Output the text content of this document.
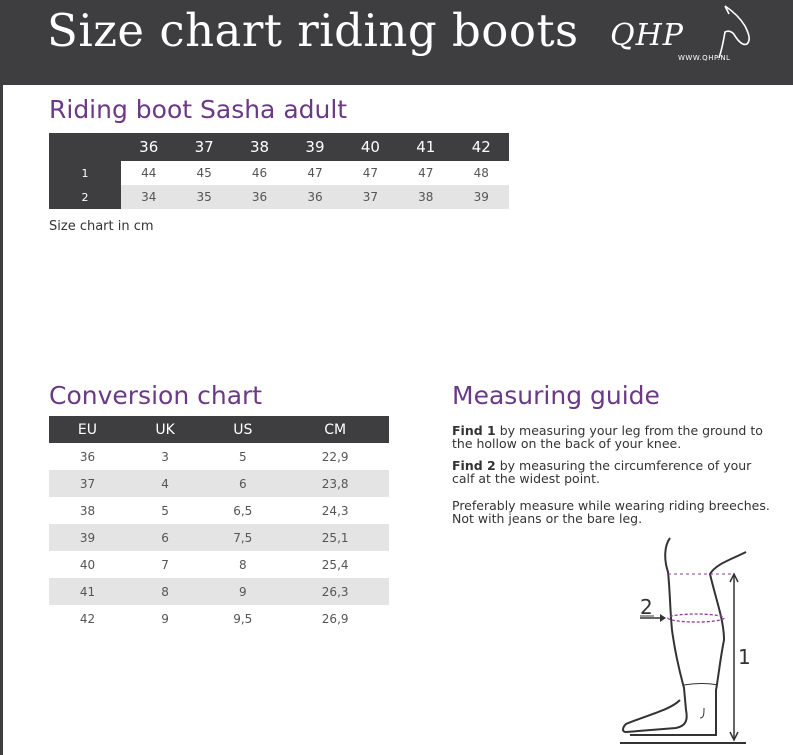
Size chart riding boots QHP
WWW.QHP.NL
Riding boot Sasha adult
	36	37	38	39	40	41	42
1	44	45	46	47	47	47	48
2	34	35	36	36	37	38	39
Size chart in cm
Conversion chart
EU	UK	US	CM
36	3	5	22,9
37	4	6	23,8
38	5	6,5	24,3
39	6	7,5	25,1
40	7	8	25,4
41	8	9	26,3
42	9	9,5	26,9
Measuring guide
Find 1 by measuring your leg from the ground to the hollow on the back of your knee.
Find 2 by measuring the circumference of your calf at the widest point.
Preferably measure while wearing riding breeches. Not with jeans or the bare leg.
2
1
